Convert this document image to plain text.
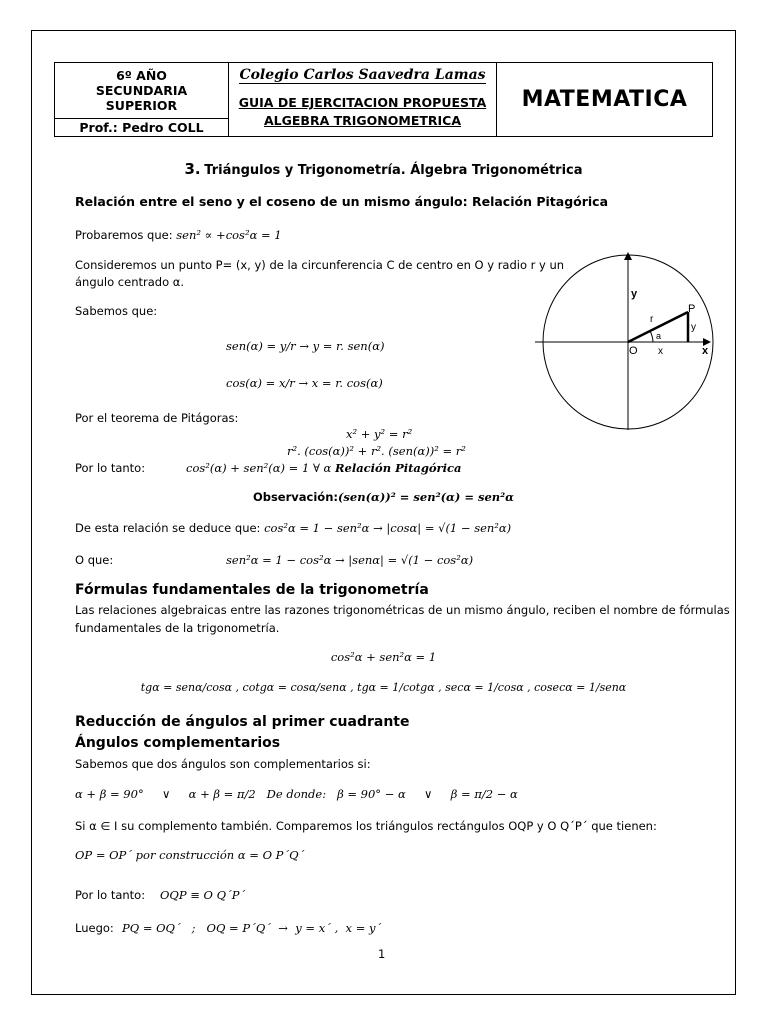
6º AÑO
SECUNDARIA
SUPERIOR
Prof.: Pedro COLL
Colegio Carlos Saavedra Lamas
GUIA DE EJERCITACION PROPUESTA
ALGEBRA TRIGONOMETRICA
MATEMATICA
3. Triángulos y Trigonometría. Álgebra Trigonométrica
Relación entre el seno y el coseno de un mismo ángulo: Relación Pitagórica
Probaremos que: sen² ∝ +cos²α = 1
Consideremos un punto P= (x, y) de la circunferencia C de centro en O y radio r y un
ángulo centrado α.
Sabemos que:
sen(α) = y/r → y = r. sen(α)
cos(α) = x/r → x = r. cos(α)
Por el teorema de Pitágoras:
x² + y² = r²
r². (cos(α))² + r². (sen(α))² = r²
Por lo tanto:	cos²(α) + sen²(α) = 1 ∀ α Relación Pitagórica
Observación:(sen(α))² = sen²(α) = sen²α
De esta relación se deduce que: cos²α = 1 − sen²α → |cosα| = √(1 − sen²α)
O que:	sen²α = 1 − cos²α → |senα| = √(1 − cos²α)
Fórmulas fundamentales de la trigonometría
Las relaciones algebraicas entre las razones trigonométricas de un mismo ángulo, reciben el nombre de fórmulas
fundamentales de la trigonometría.
cos²α + sen²α = 1
tgα = senα/cosα , cotgα = cosα/senα , tgα = 1/cotgα , secα = 1/cosα , cosecα = 1/senα
Reducción de ángulos al primer cuadrante
Ángulos complementarios
Sabemos que dos ángulos son complementarios si:
α + β = 90°     ∨     α + β = π/2   De donde:   β = 90° − α     ∨     β = π/2 − α
Si α ∈ I su complemento también. Comparemos los triángulos rectángulos OQP y O Q´P´ que tienen:
OP = OP´ por construcción α = O P´Q´
Por lo tanto: OQP ≡ O Q´P´
Luego: PQ = OQ´   ;   OQ = P´Q´  →  y = x´ ,  x = y´
1
y
x
P
O
r
a
x
y
